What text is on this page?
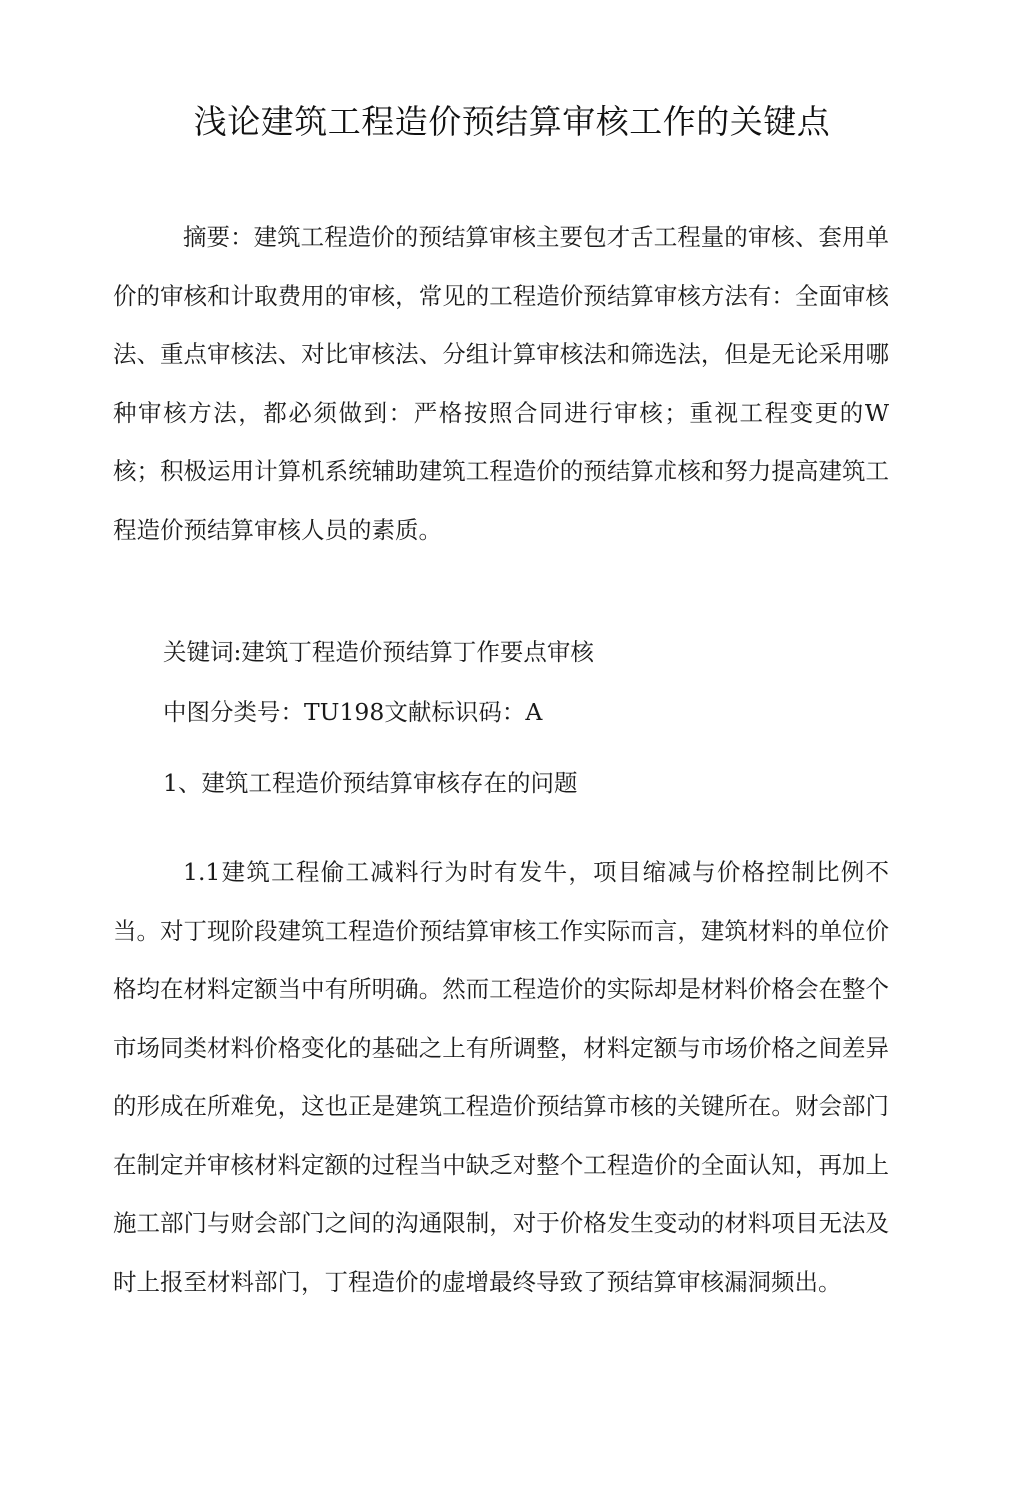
浅论建筑工程造价预结算审核工作的关键点

摘要：建筑工程造价的预结算审核主要包才舌工程量的审核、套用单价的审核和计取费用的审核，常见的工程造价预结算审核方法有：全面审核法、重点审核法、对比审核法、分组计算审核法和筛选法，但是无论采用哪种审核方法，都必须做到：严格按照合同进行审核；重视工程变更的W核；积极运用计算机系统辅助建筑工程造价的预结算朮核和努力提高建筑工程造价预结算审核人员的素质。

关键词:建筑丁程造价预结算丁作要点审核

中图分类号：TU198文献标识码：A

1、建筑工程造价预结算审核存在的问题

1.1建筑工程偷工减料行为时有发牛，项目缩减与价格控制比例不当。对丁现阶段建筑工程造价预结算审核工作实际而言，建筑材料的单位价格均在材料定额当中有所明确。然而工程造价的实际却是材料价格会在整个市场同类材料价格变化的基础之上有所调整，材料定额与市场价格之间差异的形成在所难免，这也正是建筑工程造价预结算市核的关键所在。财会部门在制定并审核材料定额的过程当中缺乏对整个工程造价的全面认知，再加上施工部门与财会部门之间的沟通限制，对于价格发生变动的材料项目无法及时上报至材料部门，丁程造价的虚增最终导致了预结算审核漏洞频出。
